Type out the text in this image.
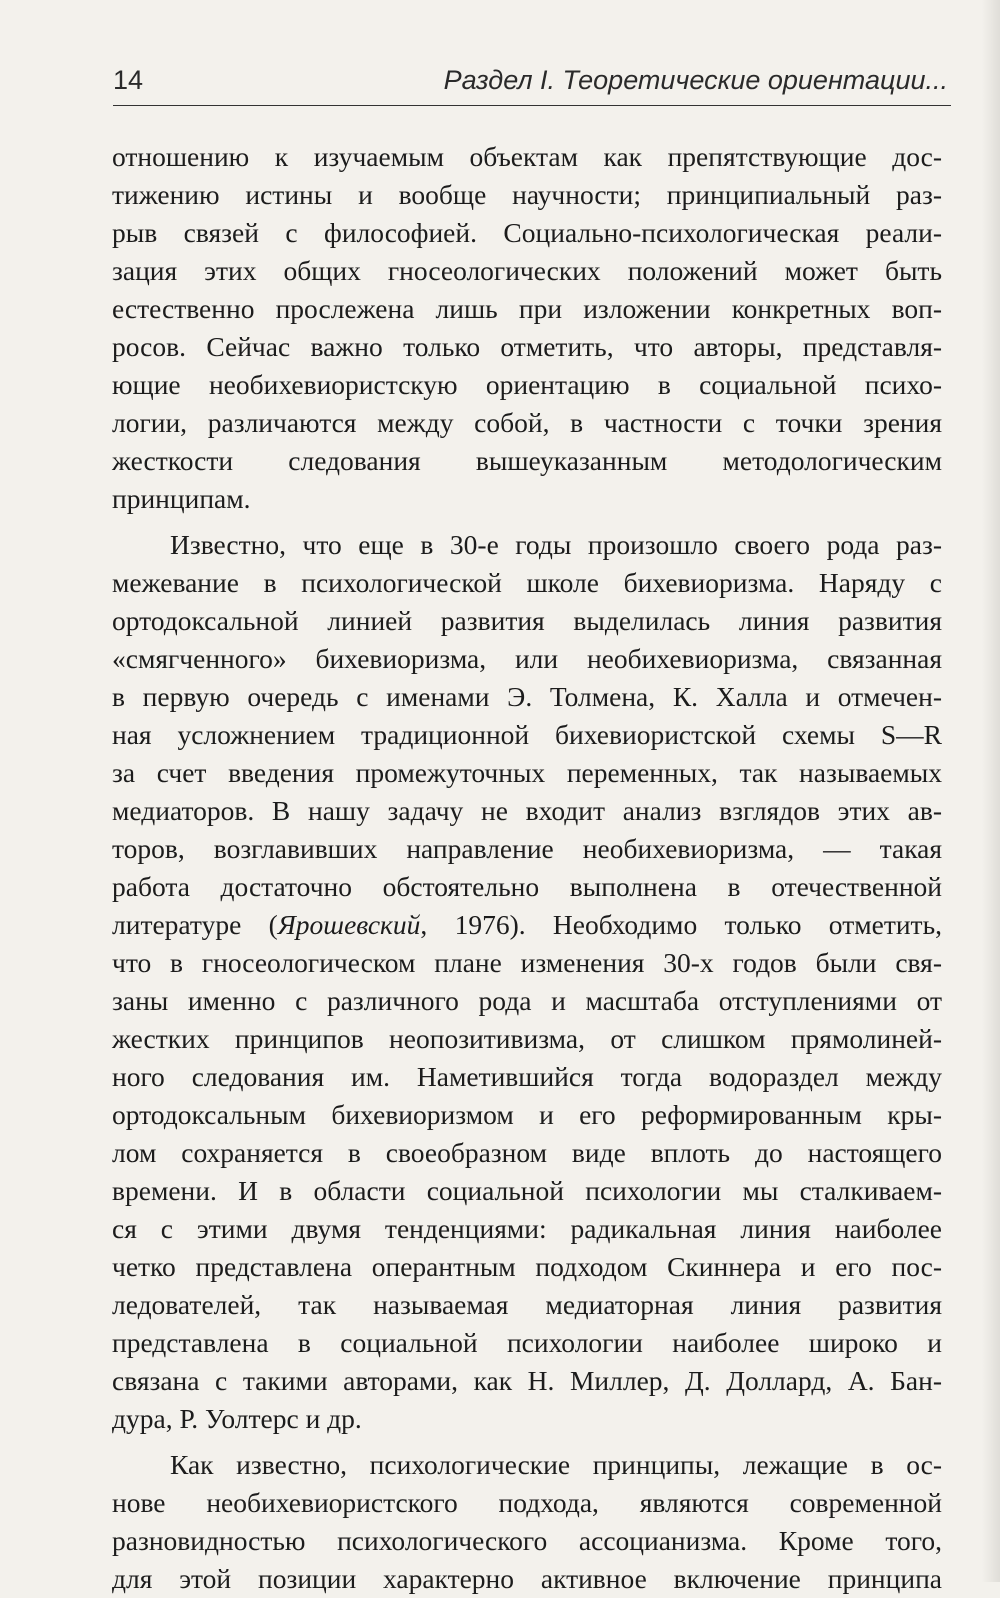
14	Раздел I. Теоретические ориентации...
отношению к изучаемым объектам как препятствующие дос-
тижению истины и вообще научности; принципиальный раз-
рыв связей с философией. Социально-психологическая реали-
зация этих общих гносеологических положений может быть
естественно прослежена лишь при изложении конкретных воп-
росов. Сейчас важно только отметить, что авторы, представля-
ющие необихевиористскую ориентацию в социальной психо-
логии, различаются между собой, в частности с точки зрения
жесткости следования вышеуказанным методологическим
принципам.
Известно, что еще в 30-е годы произошло своего рода раз-
межевание в психологической школе бихевиоризма. Наряду с
ортодоксальной линией развития выделилась линия развития
«смягченного» бихевиоризма, или необихевиоризма, связанная
в первую очередь с именами Э. Толмена, К. Халла и отмечен-
ная усложнением традиционной бихевиористской схемы S—R
за счет введения промежуточных переменных, так называемых
медиаторов. В нашу задачу не входит анализ взглядов этих ав-
торов, возглавивших направление необихевиоризма, — такая
работа достаточно обстоятельно выполнена в отечественной
литературе (Ярошевский, 1976). Необходимо только отметить,
что в гносеологическом плане изменения 30-х годов были свя-
заны именно с различного рода и масштаба отступлениями от
жестких принципов неопозитивизма, от слишком прямолиней-
ного следования им. Наметившийся тогда водораздел между
ортодоксальным бихевиоризмом и его реформированным кры-
лом сохраняется в своеобразном виде вплоть до настоящего
времени. И в области социальной психологии мы сталкиваем-
ся с этими двумя тенденциями: радикальная линия наиболее
четко представлена оперантным подходом Скиннера и его пос-
ледователей, так называемая медиаторная линия развития
представлена в социальной психологии наиболее широко и
связана с такими авторами, как Н. Миллер, Д. Доллард, А. Бан-
дура, Р. Уолтерс и др.
Как известно, психологические принципы, лежащие в ос-
нове необихевиористского подхода, являются современной
разновидностью психологического ассоцианизма. Кроме того,
для этой позиции характерно активное включение принципа
